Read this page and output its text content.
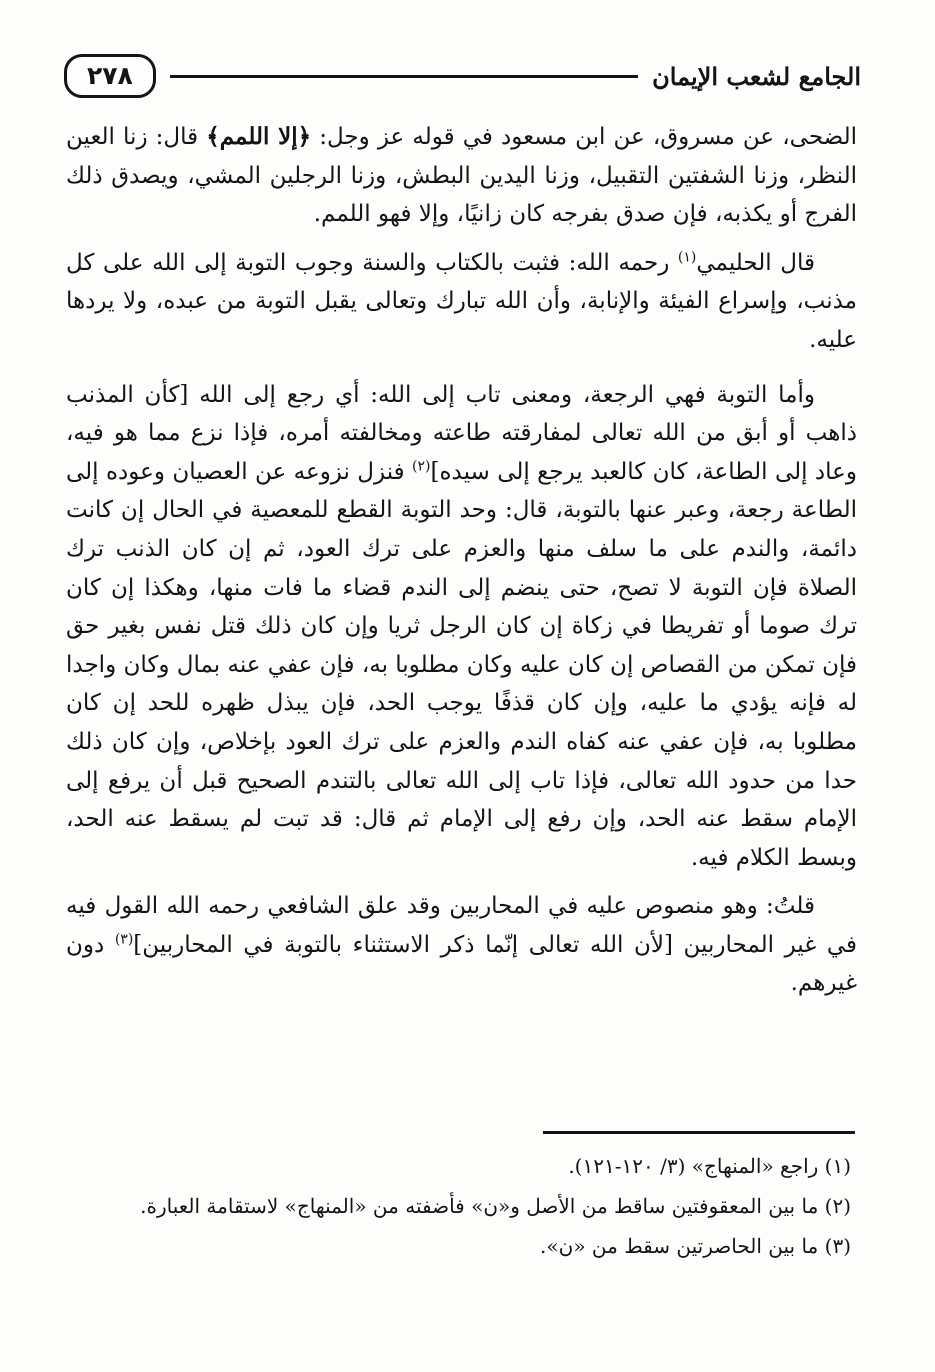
الجامع لشعب الإيمان
٢٧٨

الضحى، عن مسروق، عن ابن مسعود في قوله عز وجل: ﴿إلا اللمم﴾ قال: زنا العين النظر، وزنا الشفتين التقبيل، وزنا اليدين البطش، وزنا الرجلين المشي، ويصدق ذلك الفرج أو يكذبه، فإن صدق بفرجه كان زانيًا، وإلا فهو اللمم.

قال الحليمي$^{(١)}$ رحمه الله: فثبت بالكتاب والسنة وجوب التوبة إلى الله على كل مذنب، وإسراع الفيئة والإنابة، وأن الله تبارك وتعالى يقبل التوبة من عبده، ولا يردها عليه.

وأما التوبة فهي الرجعة، ومعنى تاب إلى الله: أي رجع إلى الله [كأن المذنب ذاهب أو أبق من الله تعالى لمفارقته طاعته ومخالفته أمره، فإذا نزع مما هو فيه، وعاد إلى الطاعة، كان كالعبد يرجع إلى سيده]$^{(٢)}$ فنزل نزوعه عن العصيان وعوده إلى الطاعة رجعة، وعبر عنها بالتوبة، قال: وحد التوبة القطع للمعصية في الحال إن كانت دائمة، والندم على ما سلف منها والعزم على ترك العود، ثم إن كان الذنب ترك الصلاة فإن التوبة لا تصح، حتى ينضم إلى الندم قضاء ما فات منها، وهكذا إن كان ترك صوما أو تفريطا في زكاة إن كان الرجل ثريا وإن كان ذلك قتل نفس بغير حق فإن تمكن من القصاص إن كان عليه وكان مطلوبا به، فإن عفي عنه بمال وكان واجدا له فإنه يؤدي ما عليه، وإن كان قذفًا يوجب الحد، فإن يبذل ظهره للحد إن كان مطلوبا به، فإن عفي عنه كفاه الندم والعزم على ترك العود بإخلاص، وإن كان ذلك حدا من حدود الله تعالى، فإذا تاب إلى الله تعالى بالتندم الصحيح قبل أن يرفع إلى الإمام سقط عنه الحد، وإن رفع إلى الإمام ثم قال: قد تبت لم يسقط عنه الحد، وبسط الكلام فيه.

قلتُ: وهو منصوص عليه في المحاربين وقد علق الشافعي رحمه الله القول فيه في غير المحاربين [لأن الله تعالى إنّما ذكر الاستثناء بالتوبة في المحاربين]$^{(٣)}$ دون غيرهم.

(١) راجع «المنهاج» (٣/ ١٢٠-١٢١).

(٢) ما بين المعقوفتين ساقط من الأصل و«ن» فأضفته من «المنهاج» لاستقامة العبارة.

(٣) ما بين الحاصرتين سقط من «ن».
